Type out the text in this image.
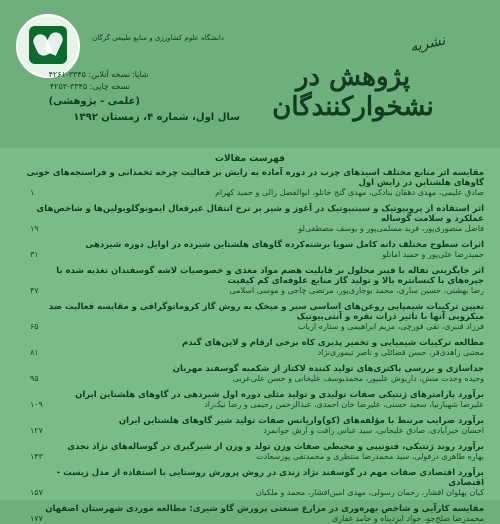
دانشگاه علوم کشاورزی و منابع طبیعی گرگان
شاپا:
نسخه آنلاین: ۳۳۴۵-۴۲۶۱
نسخه چاپی: ۳۳۴۵-۴۲۵۳
نشریه
پژوهش در نشخوارکنندگان
(علمی - پژوهشی)
سال اول، شماره ۴، زمستان ۱۳۹۲
فهرست مقالات
مقایسه اثر منابع مختلف اسیدهای چرب در دوره آماده به زایش بر فعالیت چرخه تخمدانی و فراسنجه‌های خونی گاوهای هلشتاین در زایش اول
صادق علیمی، مهدی دهقان بنادکی، مهدی گنج خانلو، ابوالفضل زالی و حمید کهرام
۱
اثر استفاده از پروبیوتیک و سینبیوتیک در آغوز و شیر بر نرخ انتقال غیرفعال ایمونوگلوبولین‌ها و شاخص‌های عملکرد و سلامت گوساله
فاضل منصوری‌پور، فرید مسلمی‌پور و یوسف مصطفی‌لو
۱۹
اثرات سطوح مختلف دانه کامل سویا برشته‌کرده گاوهای هلشتاین شیرده در اوایل دوره شیردهی
حمیدرضا علی‌پور و حمید امانلو
۳۱
اثر جایگزینی تفاله با فیبر محلول بر قابلیت هضم مواد مغذی و خصوصیات لاشه گوسفندان تغذیه شده با جیره‌های با کنسانتره بالا و تولید گاز منابع علوفه‌ای کم کیفیت
رضا بهشتی، حسین ساری، محمد بوجاری‌پور، مرتضی چاجی و موسی اسلامی
۴۷
تعیین ترکیبات شیمیایی روغن‌های اساسی سیر و میخک به روش گاز کروماتوگرافی و مقایسه فعالیت ضد میکروبی آنها با تاثیر ذرات نقره و آنتی‌بیوتیک
فرزاد قنبری، تقی قورچی، مریم ابراهیمی و ستاره ارباب
۶۵
مطالعه ترکیبات شیمیایی و تخمیر پذیری کاه برخی ارقام و لاین‌های گندم
مجتبی زاهدی‌فر، حسن فضائلی و ناصر تیموری‌نژاد
۸۱
جداسازی و بررسی باکتری‌های تولید کننده لاکتاز از شکمبه گوسفند مهربان
وحیده وحدت منش، داریوش علیپور، محمدیوسف علیخانی و حسن علی‌عربی
۹۵
برآورد پارامترهای ژنتیکی صفات تولیدی و تولید مثلی دوره اول شیردهی در گاوهای هلشتاین ایران
علیرضا شهبازنیا، سعید حسنی، علیرضا خان احمدی، عبدالرحمن رحیمی و رضا نیک‌زاد
۱۰۹
برآورد ضرایب مرتبط با مؤلفه‌های (کو)واریانس صفات تولید شیر گاوهای هلشتاین ایران
احسان خیرآبادی، صادق علیجانی، سید عباس رافت و آرش جوانمرد
۱۲۷
برآورد روند ژنتیکی، فنوتیپی و محیطی صفات وزن تولد و وزن از شیرگیری در گوساله‌های نژاد نجدی
بهاره طاهری دزفولی، سید محمدرضا منتظری و محمدتقی پورسعادت
۱۴۳
برآورد اقتصادی صفات مهم در گوسفند نژاد زندی در روش پرورش روستایی با استفاده از مدل زیست - اقتصادی
کیان پهلوان افشار، رحمان رسولی، مهدی امین‌افشار، محمد و ملکیان
۱۵۷
مقایسه کارآیی و شاخص بهره‌وری در مزارع صنعتی پرورش گاو شیری: مطالعه موردی شهرستان اصفهان
محمدرضا صلح‌جو، جواد ایزدپناه و حامد غفاری
۱۷۷
